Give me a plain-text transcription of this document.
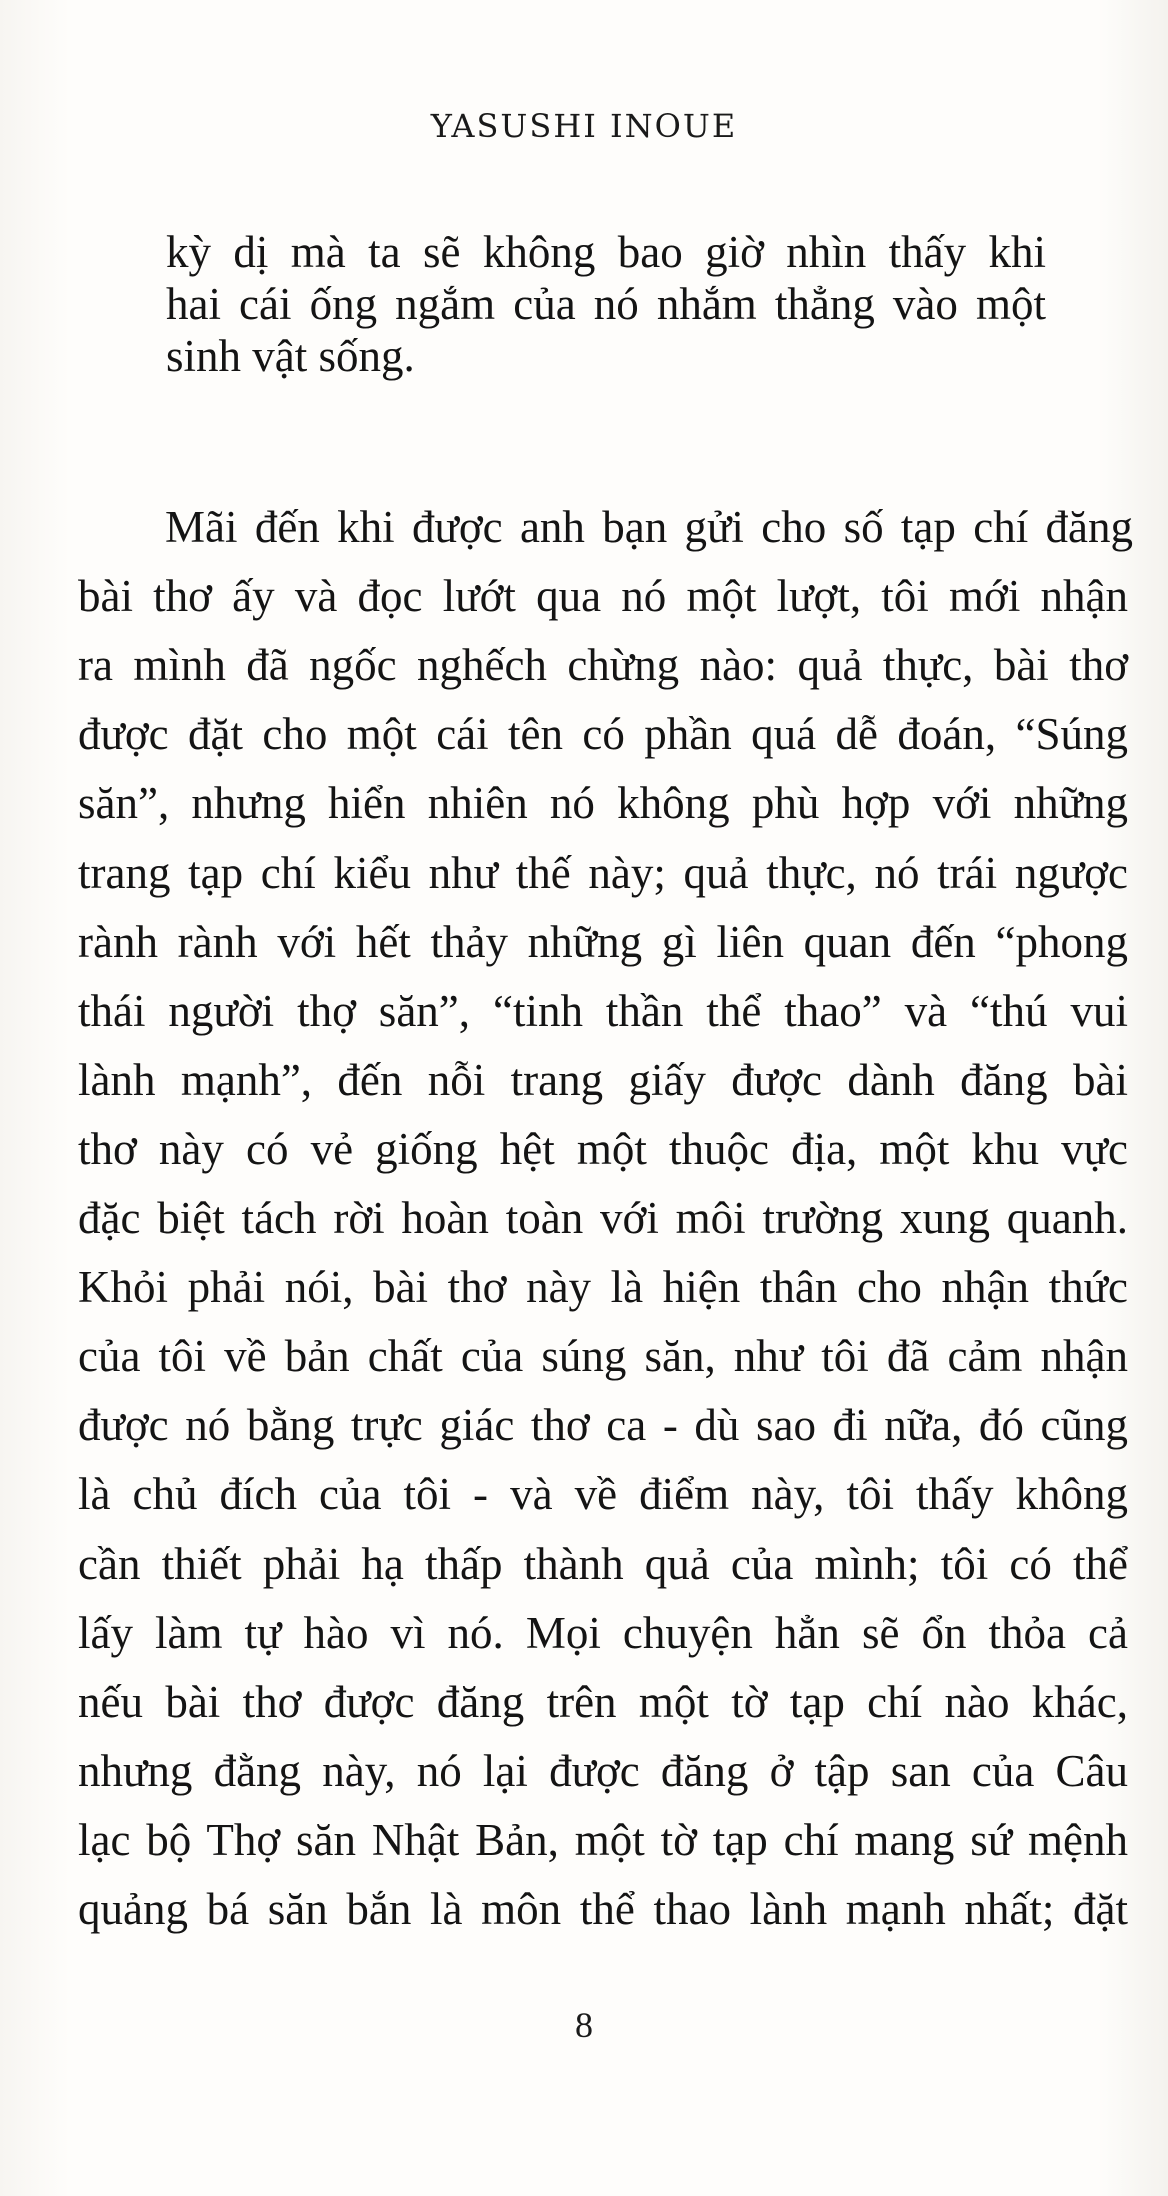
YASUSHI INOUE
kỳ dị mà ta sẽ không bao giờ nhìn thấy khi
hai cái ống ngắm của nó nhắm thẳng vào một
sinh vật sống.
Mãi đến khi được anh bạn gửi cho số tạp chí đăng
bài thơ ấy và đọc lướt qua nó một lượt, tôi mới nhận
ra mình đã ngốc nghếch chừng nào: quả thực, bài thơ
được đặt cho một cái tên có phần quá dễ đoán, “Súng
săn”, nhưng hiển nhiên nó không phù hợp với những
trang tạp chí kiểu như thế này; quả thực, nó trái ngược
rành rành với hết thảy những gì liên quan đến “phong
thái người thợ săn”, “tinh thần thể thao” và “thú vui
lành mạnh”, đến nỗi trang giấy được dành đăng bài
thơ này có vẻ giống hệt một thuộc địa, một khu vực
đặc biệt tách rời hoàn toàn với môi trường xung quanh.
Khỏi phải nói, bài thơ này là hiện thân cho nhận thức
của tôi về bản chất của súng săn, như tôi đã cảm nhận
được nó bằng trực giác thơ ca - dù sao đi nữa, đó cũng
là chủ đích của tôi - và về điểm này, tôi thấy không
cần thiết phải hạ thấp thành quả của mình; tôi có thể
lấy làm tự hào vì nó. Mọi chuyện hẳn sẽ ổn thỏa cả
nếu bài thơ được đăng trên một tờ tạp chí nào khác,
nhưng đằng này, nó lại được đăng ở tập san của Câu
lạc bộ Thợ săn Nhật Bản, một tờ tạp chí mang sứ mệnh
quảng bá săn bắn là môn thể thao lành mạnh nhất; đặt
8
